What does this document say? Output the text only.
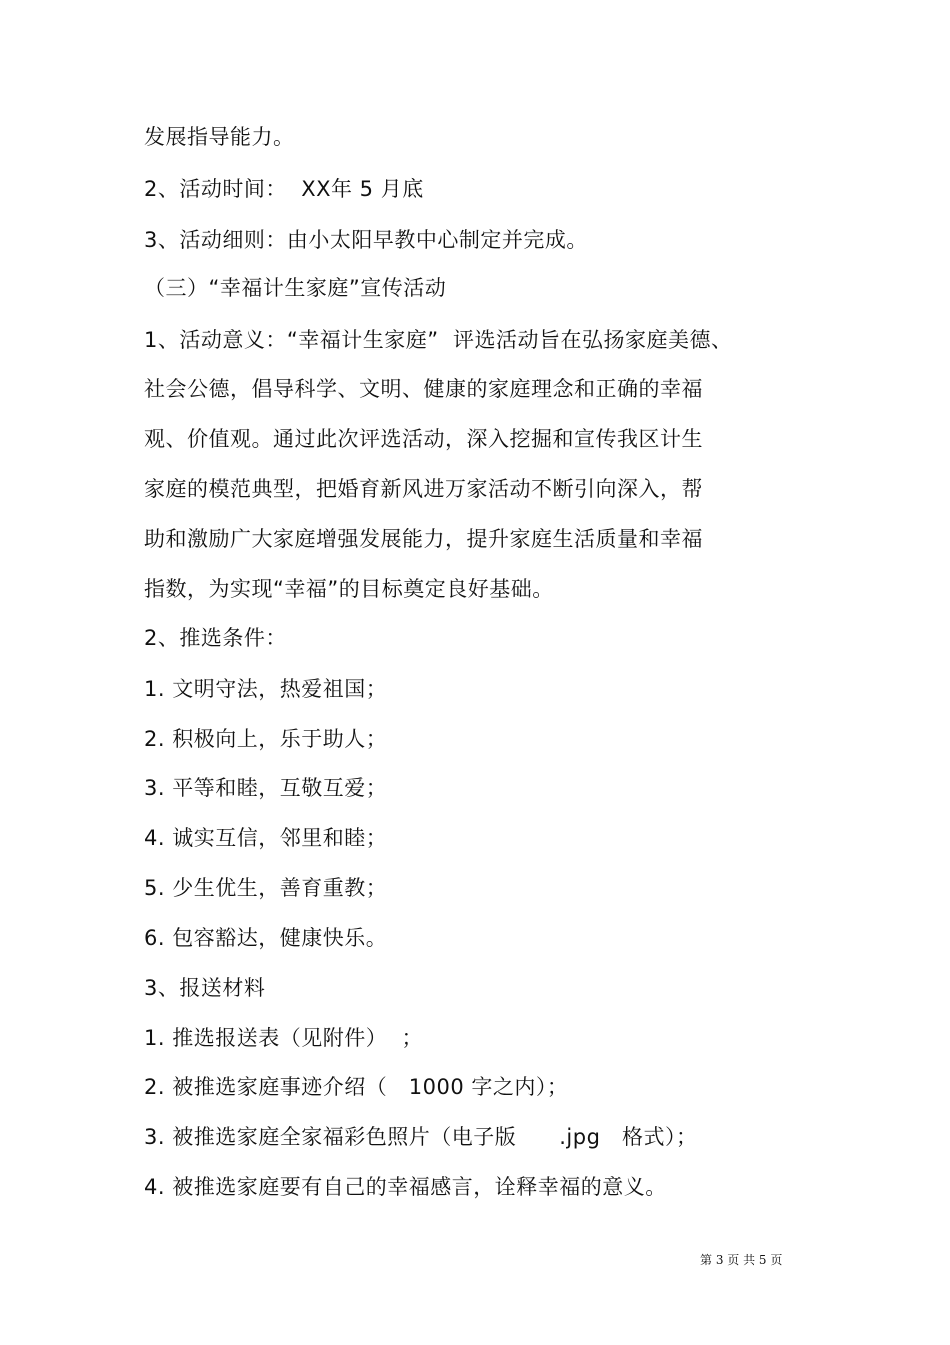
发展指导能力。
2、活动时间：  XX年 5 月底
3、活动细则：由小太阳早教中心制定并完成。
（三）“幸福计生家庭”宣传活动
1、活动意义：“幸福计生家庭”  评选活动旨在弘扬家庭美德、
社会公德，倡导科学、文明、健康的家庭理念和正确的幸福
观、价值观。通过此次评选活动，深入挖掘和宣传我区计生
家庭的模范典型，把婚育新风进万家活动不断引向深入，帮
助和激励广大家庭增强发展能力，提升家庭生活质量和幸福
指数，为实现“幸福”的目标奠定良好基础。
2、推选条件：
1. 文明守法，热爱祖国；
2. 积极向上，乐于助人；
3. 平等和睦，互敬互爱；
4. 诚实互信，邻里和睦；
5. 少生优生，善育重教；
6. 包容豁达，健康快乐。
3、报送材料
1. 推选报送表（见附件）  ；
2. 被推选家庭事迹介绍（   1000 字之内）；
3. 被推选家庭全家福彩色照片（电子版      .jpg   格式）；
4. 被推选家庭要有自己的幸福感言，诠释幸福的意义。
第 3 页 共 5 页
